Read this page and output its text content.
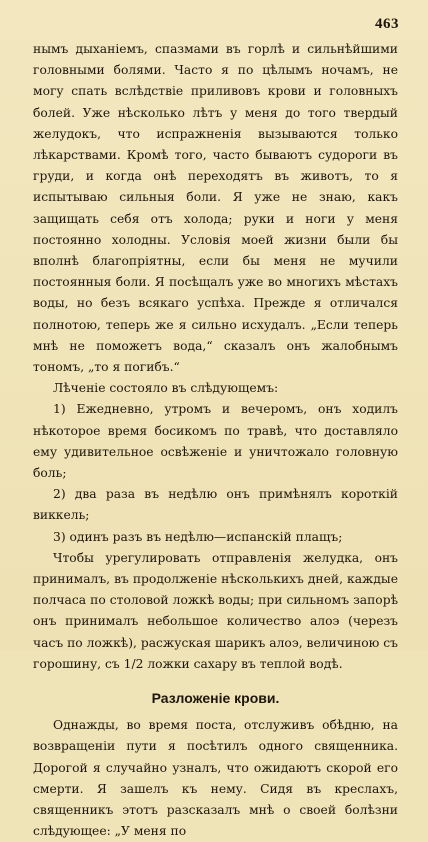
463

нымъ дыханіемъ, спазмами въ горлѣ и сильнѣйшими головными болями. Часто я по цѣлымъ ночамъ, не могу спать вслѣдствіе приливовъ крови и головныхъ болей. Уже нѣсколько лѣтъ у меня до того твердый желудокъ, что испражненія вызываются только лѣкарствами. Кромѣ того, часто бываютъ судороги въ груди, и когда онѣ переходятъ въ животъ, то я испытываю сильныя боли. Я уже не знаю, какъ защищать себя отъ холода; руки и ноги у меня постоянно холодны. Условія моей жизни были бы вполнѣ благопріятны, если бы меня не мучили постоянныя боли. Я посѣщалъ уже во многихъ мѣстахъ воды, но безъ всякаго успѣха. Прежде я отличался полнотою, теперь же я сильно исхудалъ. „Если теперь мнѣ не поможетъ вода,“ сказалъ онъ жалобнымъ тономъ, „то я погибъ.“

Лѣченіе состояло въ слѣдующемъ:

1) Ежедневно, утромъ и вечеромъ, онъ ходилъ нѣкоторое время босикомъ по травѣ, что доставляло ему удивительное освѣженіе и уничтожало головную боль;

2) два раза въ недѣлю онъ примѣнялъ короткій виккель;

3) одинъ разъ въ недѣлю—испанскій плащъ;

Чтобы урегулировать отправленія желудка, онъ принималъ, въ продолженіе нѣсколькихъ дней, каждые полчаса по столовой ложкѣ воды; при сильномъ запорѣ онъ принималъ небольшое количество алоэ (черезъ часъ по ложкѣ), расжуская шарикъ алоэ, величиною съ горошину, съ 1/2 ложки сахару въ теплой водѣ.

Разложеніе крови.

Однажды, во время поста, отслуживъ обѣдню, на возвращеніи пути я посѣтилъ одного священника. Дорогой я случайно узналъ, что ожидаютъ скорой его смерти. Я зашелъ къ нему. Сидя въ креслахъ, священникъ этотъ разсказалъ мнѣ о своей болѣзни слѣдующее: „У меня по
